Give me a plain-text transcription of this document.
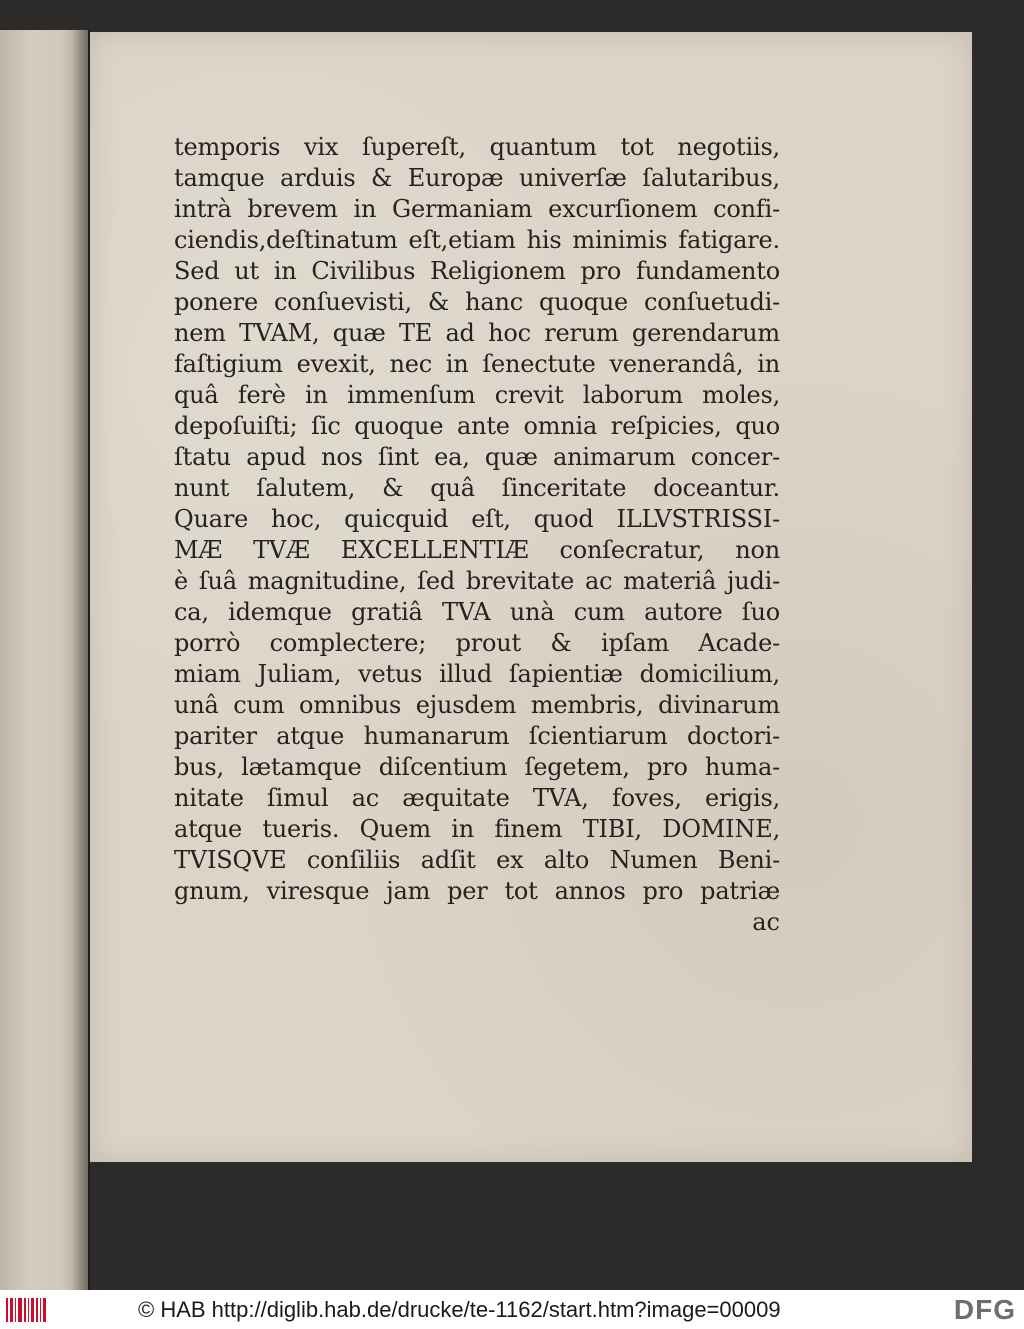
temporis vix ſupereſt, quantum tot negotiis,
tamque arduis & Europæ univerſæ ſalutaribus,
intrà brevem in Germaniam excurſionem confi-
ciendis,deſtinatum eſt,etiam his minimis fatigare.
Sed ut in Civilibus Religionem pro fundamento
ponere conſuevisti, & hanc quoque conſuetudi-
nem TVAM, quæ TE ad hoc rerum gerendarum
faſtigium evexit, nec in ſenectute venerandâ, in
quâ ferè in immenſum crevit laborum moles,
depoſuiſti; ſic quoque ante omnia reſpicies, quo
ſtatu apud nos ſint ea, quæ animarum concer-
nunt ſalutem, & quâ ſinceritate doceantur.
Quare hoc, quicquid eſt, quod ILLVSTRISSI-
MÆ TVÆ EXCELLENTIÆ conſecratur, non
è ſuâ magnitudine, ſed brevitate ac materiâ judi-
ca, idemque gratiâ TVA unà cum autore ſuo
porrò complectere; prout & ipſam Acade-
miam Juliam, vetus illud ſapientiæ domicilium,
unâ cum omnibus ejusdem membris, divinarum
pariter atque humanarum ſcientiarum doctori-
bus, lætamque diſcentium ſegetem, pro huma-
nitate ſimul ac æquitate TVA, foves, erigis,
atque tueris. Quem in finem TIBI, DOMINE,
TVISQVE conſiliis adſit ex alto Numen Beni-
gnum, viresque jam per tot annos pro patriæ
ac
© HAB http://diglib.hab.de/drucke/te-1162/start.htm?image=00009	DFG
